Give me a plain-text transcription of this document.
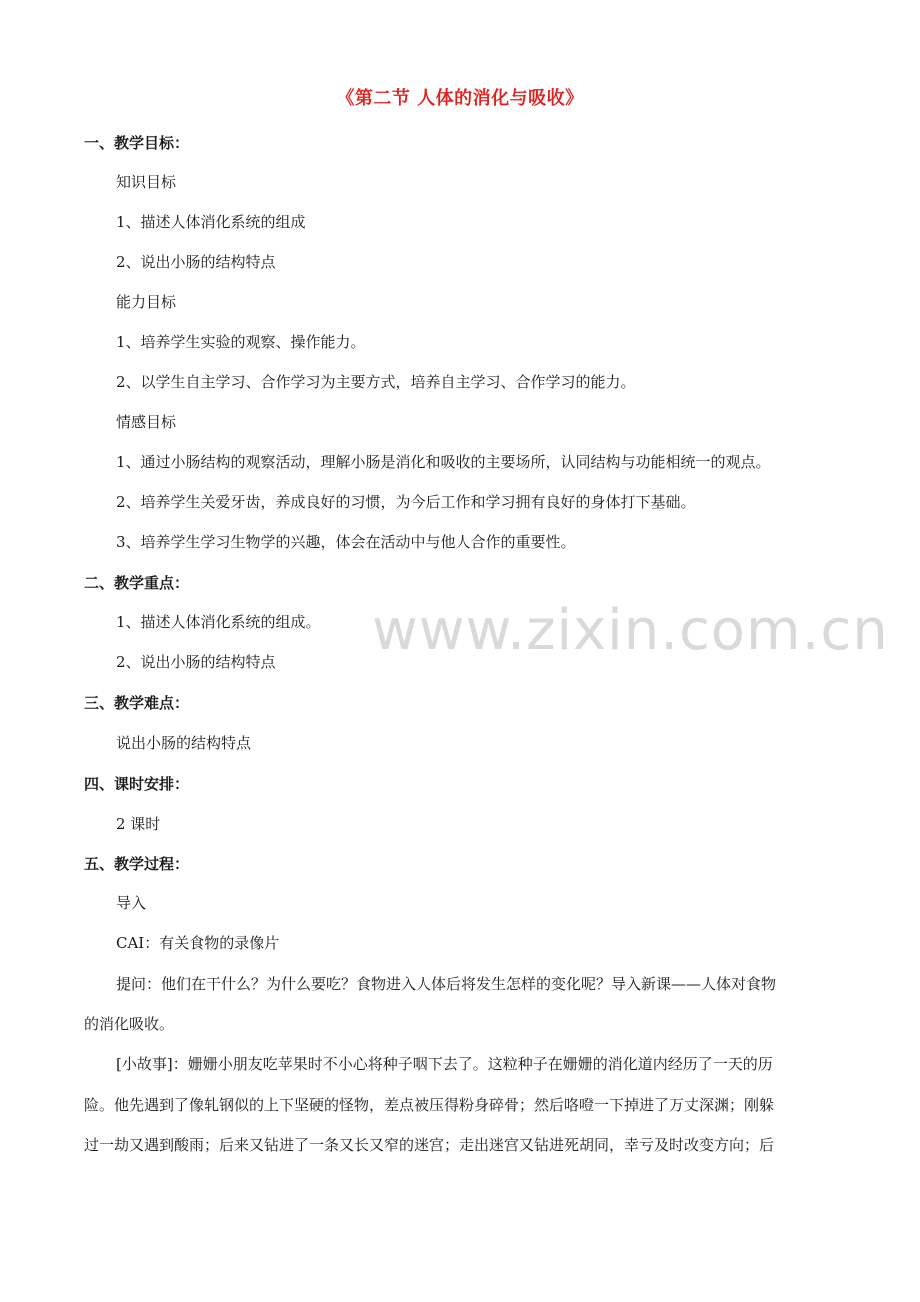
www.zixin.com.cn
《第二节 人体的消化与吸收》
一、教学目标：
知识目标
1、描述人体消化系统的组成
2、说出小肠的结构特点
能力目标
1、培养学生实验的观察、操作能力。
2、以学生自主学习、合作学习为主要方式，培养自主学习、合作学习的能力。
情感目标
1、通过小肠结构的观察活动，理解小肠是消化和吸收的主要场所，认同结构与功能相统一的观点。
2、培养学生关爱牙齿，养成良好的习惯，为今后工作和学习拥有良好的身体打下基础。
3、培养学生学习生物学的兴趣，体会在活动中与他人合作的重要性。
二、教学重点：
1、描述人体消化系统的组成。
2、说出小肠的结构特点
三、教学难点：
说出小肠的结构特点
四、课时安排：
2 课时
五、教学过程：
导入
CAI：有关食物的录像片
提问：他们在干什么？为什么要吃？食物进入人体后将发生怎样的变化呢？导入新课——人体对食物
的消化吸收。
[小故事]：姗姗小朋友吃苹果时不小心将种子咽下去了。这粒种子在姗姗的消化道内经历了一天的历
险。他先遇到了像轧钢似的上下坚硬的怪物，差点被压得粉身碎骨；然后咯噔一下掉进了万丈深渊；刚躲
过一劫又遇到酸雨；后来又钻进了一条又长又窄的迷宫；走出迷宫又钻进死胡同，幸亏及时改变方向；后
